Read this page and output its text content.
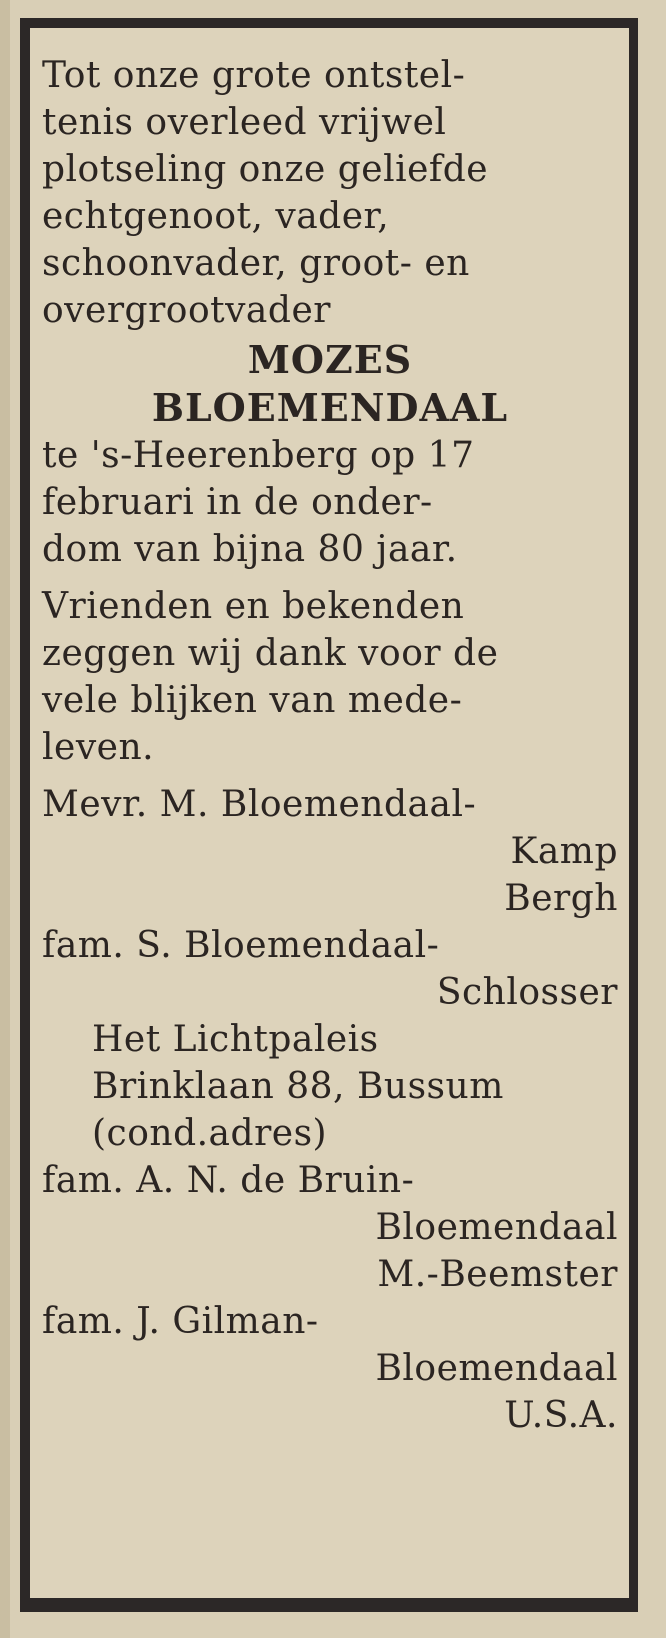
Tot onze grote ontstel-
tenis overleed vrijwel
plotseling onze geliefde
echtgenoot, vader,
schoonvader, groot- en
overgrootvader
MOZES
BLOEMENDAAL
te 's-Heerenberg op 17
februari in de onder-
dom van bijna 80 jaar.
Vrienden en bekenden
zeggen wij dank voor de
vele blijken van mede-
leven.
Mevr. M. Bloemendaal-
Kamp
Bergh
fam. S. Bloemendaal-
Schlosser
Het Lichtpaleis
Brinklaan 88, Bussum
(cond.adres)
fam. A. N. de Bruin-
Bloemendaal
M.-Beemster
fam. J. Gilman-
Bloemendaal
U.S.A.
